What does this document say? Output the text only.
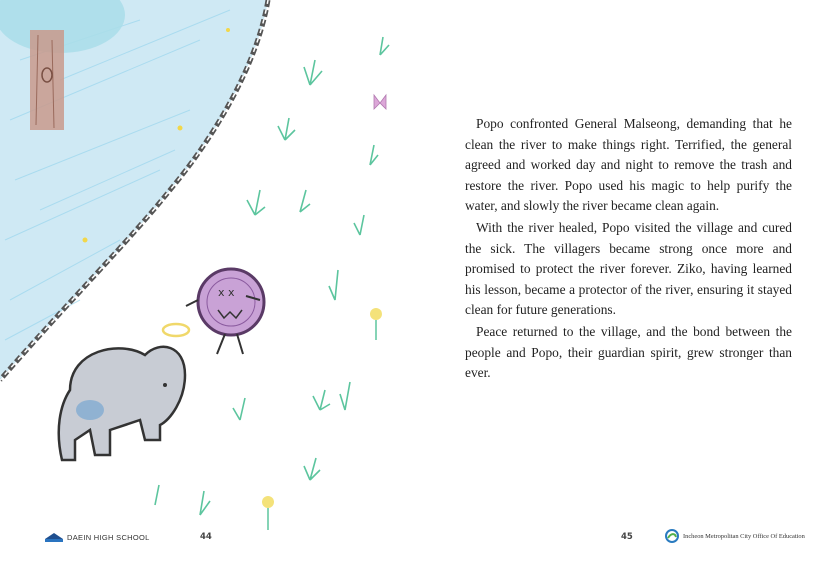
x x
DAEIN HIGH SCHOOL	44

Popo confronted General Malseong, demanding that he clean the river to make things right. Terrified, the general agreed and worked day and night to remove the trash and restore the river. Popo used his magic to help purify the water, and slowly the river became clean again.

With the river healed, Popo visited the village and cured the sick. The villagers became strong once more and promised to protect the river forever. Ziko, having learned his lesson, became a protector of the river, ensuring it stayed clean for future generations.

Peace returned to the village, and the bond between the people and Popo, their guardian spirit, grew stronger than ever.

45	Incheon Metropolitan City Office Of Education
